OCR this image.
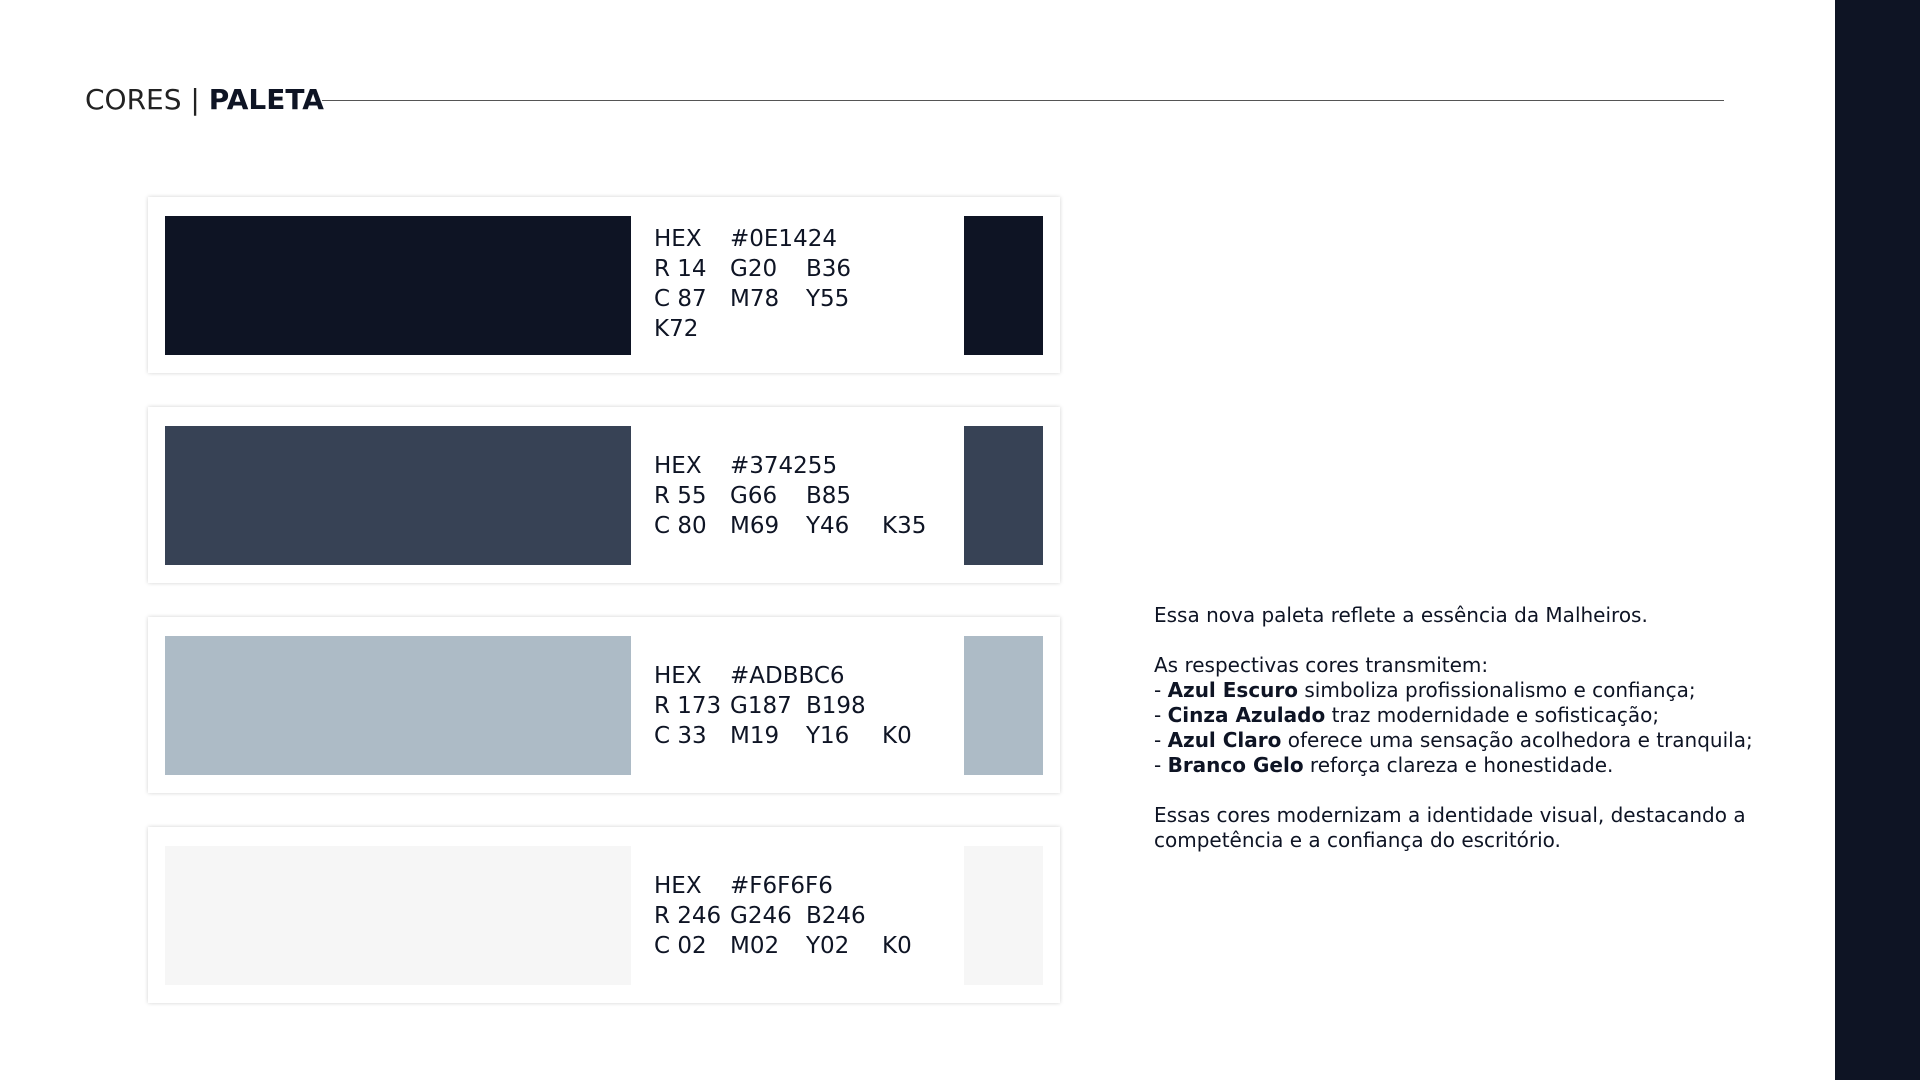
CORES | PALETA
HEX	#0E1424
R 14	G20	B36
C 87	M78	Y55
K72
HEX	#374255
R 55	G66	B85
C 80	M69	Y46	K35
HEX	#ADBBC6
R 173 G187 B198
C 33	M19	Y16	K0
HEX	#F6F6F6
R 246 G246 B246
C 02	M02	Y02	K0

Essa nova paleta reflete a essência da Malheiros.

As respectivas cores transmitem:

- Azul Escuro simboliza profissionalismo e confiança;

- Cinza Azulado traz modernidade e sofisticação;

- Azul Claro oferece uma sensação acolhedora e tranquila;

- Branco Gelo reforça clareza e honestidade.

Essas cores modernizam a identidade visual, destacando a competência e a confiança do escritório.
